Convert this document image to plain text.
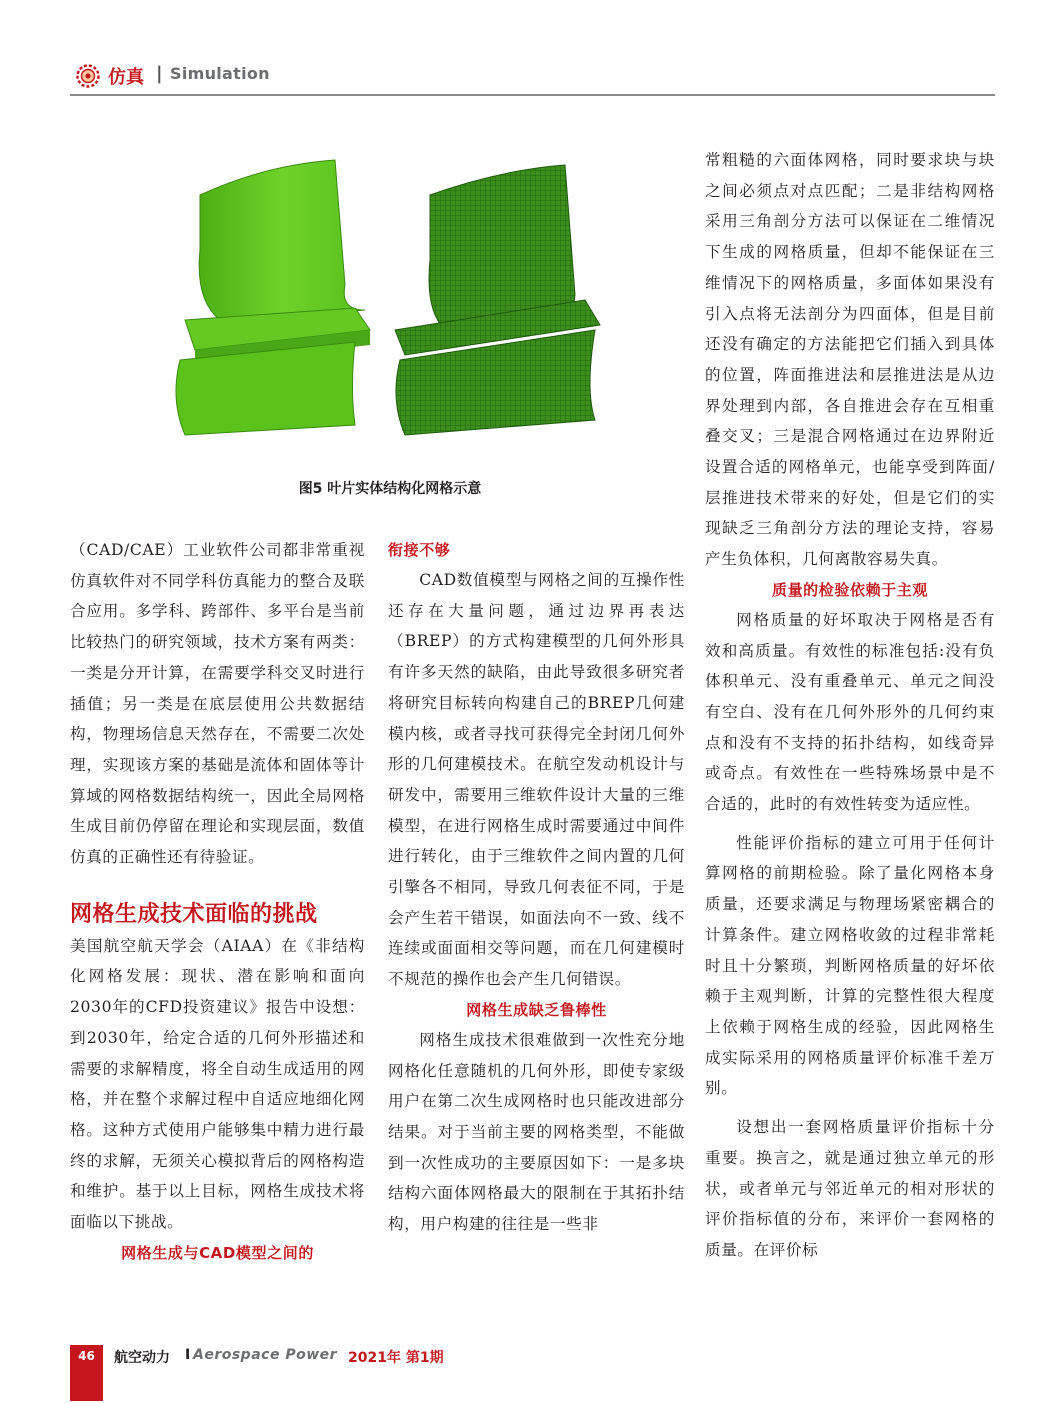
仿真 | Simulation
图5 叶片实体结构化网格示意

（CAD/CAE）工业软件公司都非常重视仿真软件对不同学科仿真能力的整合及联合应用。多学科、跨部件、多平台是当前比较热门的研究领域，技术方案有两类：一类是分开计算，在需要学科交叉时进行插值；另一类是在底层使用公共数据结构，物理场信息天然存在，不需要二次处理，实现该方案的基础是流体和固体等计算域的网格数据结构统一，因此全局网格生成目前仍停留在理论和实现层面，数值仿真的正确性还有待验证。

网格生成技术面临的挑战

美国航空航天学会（AIAA）在《非结构化网格发展：现状、潜在影响和面向2030年的CFD投资建议》报告中设想：到2030年，给定合适的几何外形描述和需要的求解精度，将全自动生成适用的网格，并在整个求解过程中自适应地细化网格。这种方式使用户能够集中精力进行最终的求解，无须关心模拟背后的网格构造和维护。基于以上目标，网格生成技术将面临以下挑战。

网格生成与CAD模型之间的

衔接不够

CAD数值模型与网格之间的互操作性还存在大量问题，通过边界再表达（BREP）的方式构建模型的几何外形具有许多天然的缺陷，由此导致很多研究者将研究目标转向构建自己的BREP几何建模内核，或者寻找可获得完全封闭几何外形的几何建模技术。在航空发动机设计与研发中，需要用三维软件设计大量的三维模型，在进行网格生成时需要通过中间件进行转化，由于三维软件之间内置的几何引擎各不相同，导致几何表征不同，于是会产生若干错误，如面法向不一致、线不连续或面面相交等问题，而在几何建模时不规范的操作也会产生几何错误。

网格生成缺乏鲁棒性

网格生成技术很难做到一次性充分地网格化任意随机的几何外形，即使专家级用户在第二次生成网格时也只能改进部分结果。对于当前主要的网格类型，不能做到一次性成功的主要原因如下：一是多块结构六面体网格最大的限制在于其拓扑结构，用户构建的往往是一些非

常粗糙的六面体网格，同时要求块与块之间必须点对点匹配；二是非结构网格采用三角剖分方法可以保证在二维情况下生成的网格质量，但却不能保证在三维情况下的网格质量，多面体如果没有引入点将无法剖分为四面体，但是目前还没有确定的方法能把它们插入到具体的位置，阵面推进法和层推进法是从边界处理到内部，各自推进会存在互相重叠交叉；三是混合网格通过在边界附近设置合适的网格单元，也能享受到阵面/层推进技术带来的好处，但是它们的实现缺乏三角剖分方法的理论支持，容易产生负体积，几何离散容易失真。

质量的检验依赖于主观

网格质量的好坏取决于网格是否有效和高质量。有效性的标准包括:没有负体积单元、没有重叠单元、单元之间没有空白、没有在几何外形外的几何约束点和没有不支持的拓扑结构，如线奇异或奇点。有效性在一些特殊场景中是不合适的，此时的有效性转变为适应性。

性能评价指标的建立可用于任何计算网格的前期检验。除了量化网格本身质量，还要求满足与物理场紧密耦合的计算条件。建立网格收敛的过程非常耗时且十分繁琐，判断网格质量的好坏依赖于主观判断，计算的完整性很大程度上依赖于网格生成的经验，因此网格生成实际采用的网格质量评价标准千差万别。

设想出一套网格质量评价指标十分重要。换言之，就是通过独立单元的形状，或者单元与邻近单元的相对形状的评价指标值的分布，来评价一套网格的质量。在评价标

46	航空动力 I Aerospace Power 2021年 第1期
